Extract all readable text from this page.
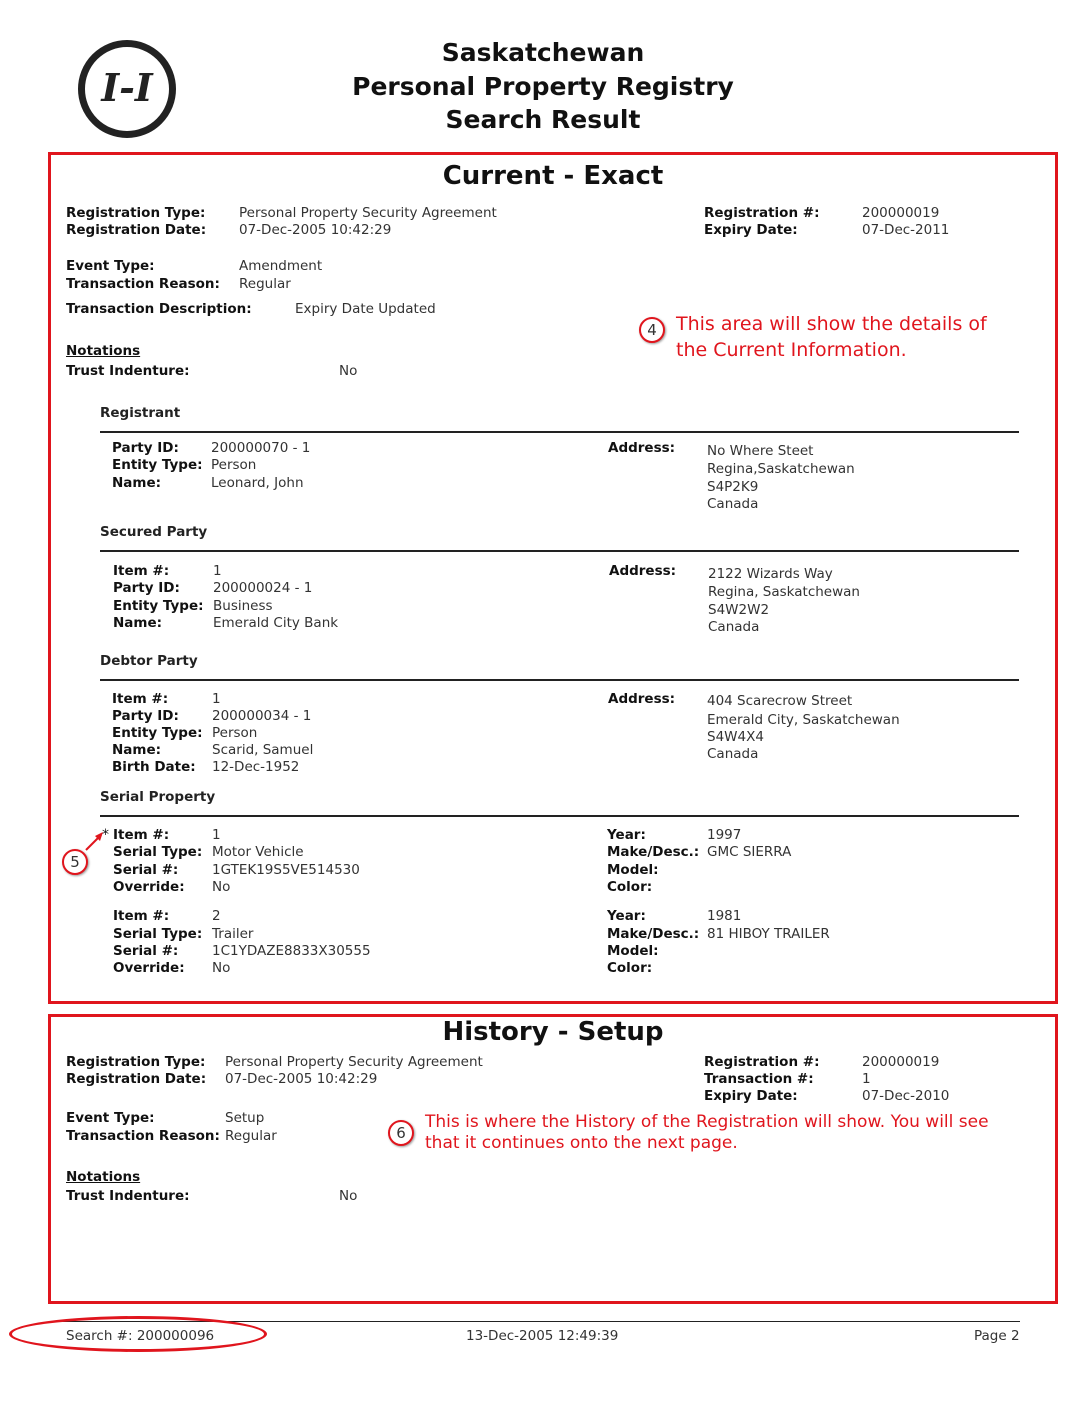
I-I
Saskatchewan
Personal Property Registry
Search Result
Current - Exact
Registration Type: Personal Property Security Agreement
Registration Date: 07-Dec-2005 10:42:29
Registration #:	200000019
Expiry Date:	07-Dec-2011
Event Type:	Amendment
Transaction Reason: Regular
Transaction Description:	Expiry Date Updated
4	This area will show the details of
the Current Information.
Notations
Trust Indenture:	No
Registrant
Party ID: 200000070 - 1
Entity Type: Person
Name:	Leonard, John
Address: No Where Steet
Regina,Saskatchewan
S4P2K9
Canada
Secured Party
Item #:	1
Party ID: 200000024 - 1
Entity Type: Business
Name:	Emerald City Bank
Address: 2122 Wizards Way
Regina, Saskatchewan
S4W2W2
Canada
Debtor Party
Item #:	1
Party ID: 200000034 - 1
Entity Type: Person
Name:	Scarid, Samuel
Birth Date: 12-Dec-1952
Address: 404 Scarecrow Street
Emerald City, Saskatchewan
S4W4X4
Canada
Serial Property
*
5
Item #:	1
Serial Type: Motor Vehicle
Serial #: 1GTEK19S5VE514530
Override: No
Year:	1997
Make/Desc.: GMC SIERRA
Model:
Color:
Item #:	2
Serial Type: Trailer
Serial #: 1C1YDAZE8833X30555
Override: No
Year:	1981
Make/Desc.: 81 HIBOY TRAILER
Model:
Color:
History - Setup
Registration Type: Personal Property Security Agreement
Registration Date: 07-Dec-2005 10:42:29
Registration #:	200000019
Transaction #:	1
Expiry Date:	07-Dec-2010
Event Type:	Setup
Transaction Reason: Regular	6
This is where the History of the Registration will show. You will see
that it continues onto the next page.
Notations
Trust Indenture:	No
Search #: 200000096	13-Dec-2005 12:49:39	Page 2
